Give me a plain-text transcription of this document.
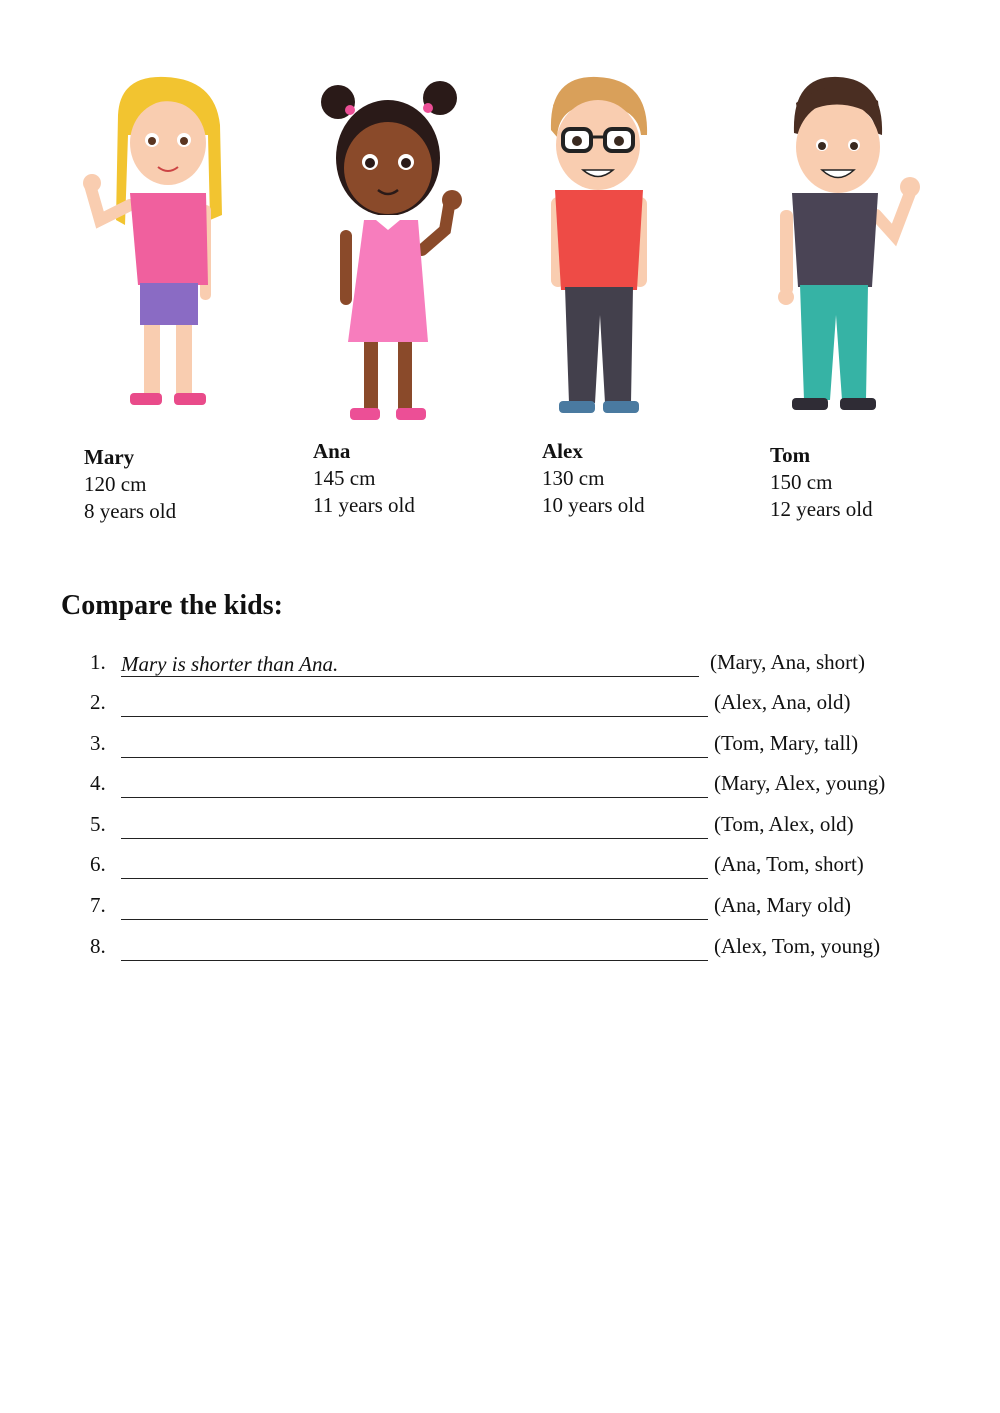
Mary
120 cm
8 years old
Ana
145 cm
11 years old
Alex
130 cm
10 years old
Tom
150 cm
12 years old
Compare the kids:
1. Mary is shorter than Ana.	(Mary, Ana, short)
2.	(Alex, Ana, old)
3.	(Tom, Mary, tall)
4.	(Mary, Alex, young)
5.	(Tom, Alex, old)
6.	(Ana, Tom, short)
7.	(Ana, Mary old)
8.	(Alex, Tom, young)
